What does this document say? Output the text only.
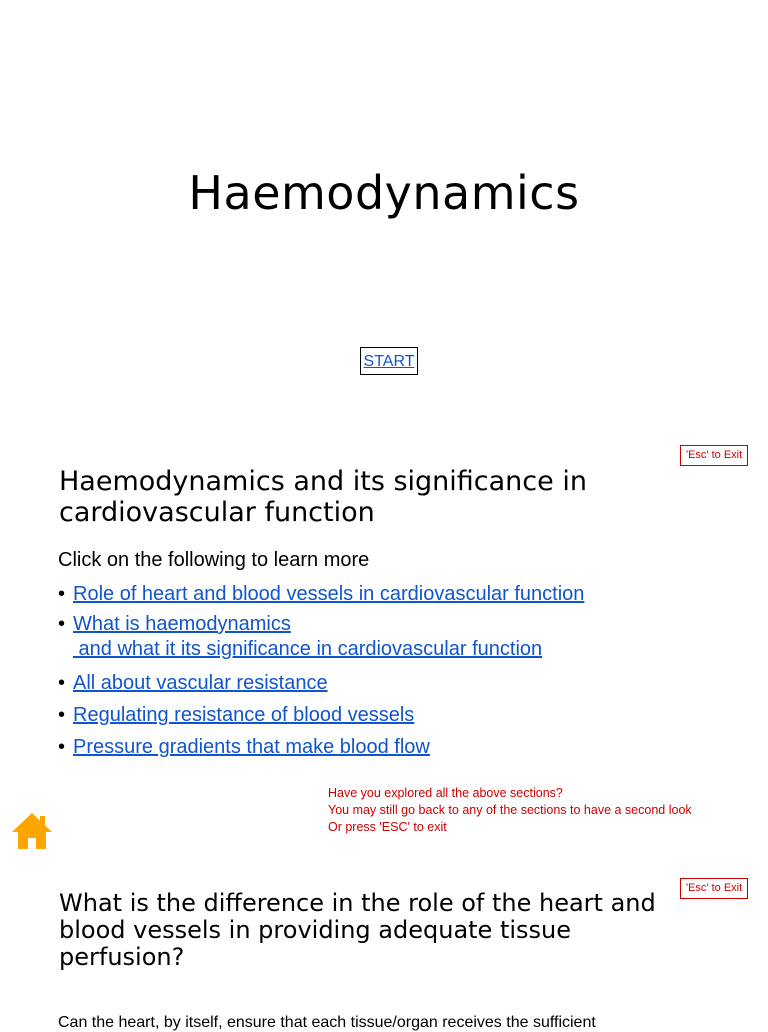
Haemodynamics
START
'Esc' to Exit
Haemodynamics and its significance in
cardiovascular function
Click on the following to learn more
• Role of heart and blood vessels in cardiovascular function
• What is haemodynamics
and what it its significance in cardiovascular function
• All about vascular resistance
• Regulating resistance of blood vessels
• Pressure gradients that make blood flow
Have you explored all the above sections?
You may still go back to any of the sections to have a second look
Or press 'ESC' to exit
'Esc' to Exit
What is the difference in the role of the heart and
blood vessels in providing adequate tissue
perfusion?
Can the heart, by itself, ensure that each tissue/organ receives the sufficient
